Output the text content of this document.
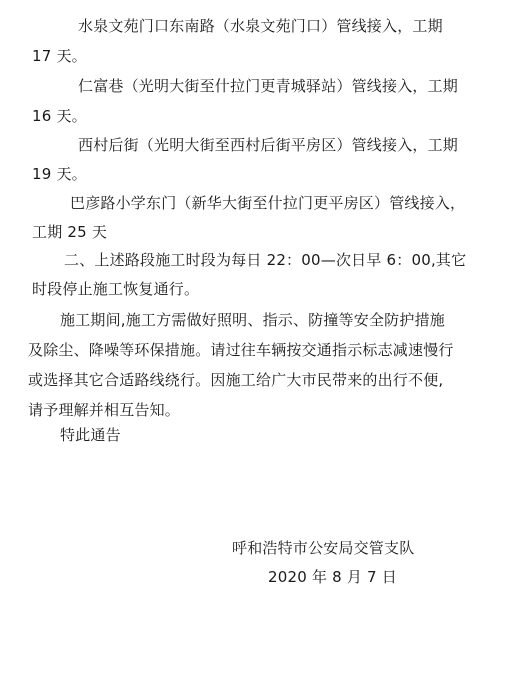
水泉文苑门口东南路（水泉文苑门口）管线接入，工期
17 天。
仁富巷（光明大街至什拉门更青城驿站）管线接入，工期
16 天。
西村后街（光明大街至西村后街平房区）管线接入，工期
19 天。
巴彦路小学东门（新华大街至什拉门更平房区）管线接入，
工期 25 天
二、上述路段施工时段为每日 22：00—次日早 6：00,其它
时段停止施工恢复通行。
施工期间,施工方需做好照明、指示、防撞等安全防护措施
及除尘、降噪等环保措施。请过往车辆按交通指示标志减速慢行
或选择其它合适路线绕行。因施工给广大市民带来的出行不便,
请予理解并相互告知。
特此通告
呼和浩特市公安局交管支队
2020 年 8 月 7 日
